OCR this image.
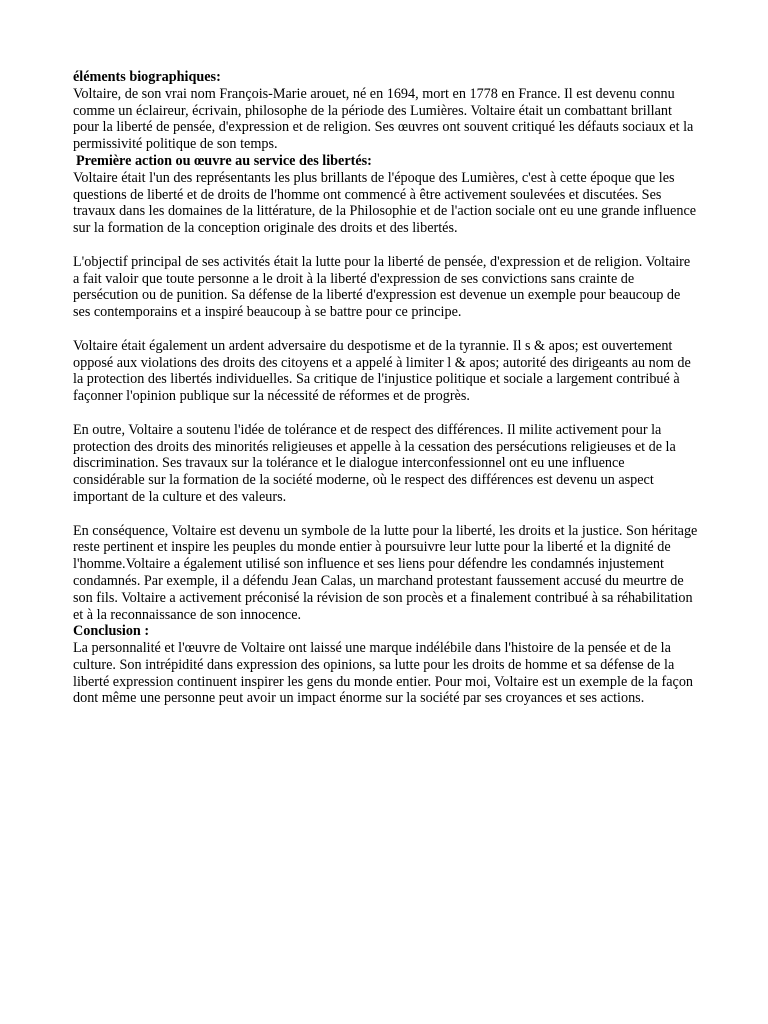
éléments biographiques:

Voltaire, de son vrai nom François-Marie arouet, né en 1694, mort en 1778 en France. Il est devenu connu comme un éclaireur, écrivain, philosophe de la période des Lumières. Voltaire était un combattant brillant pour la liberté de pensée, d'expression et de religion. Ses œuvres ont souvent critiqué les défauts sociaux et la permissivité politique de son temps.

Première action ou œuvre au service des libertés:

Voltaire était l'un des représentants les plus brillants de l'époque des Lumières, c'est à cette époque que les questions de liberté et de droits de l'homme ont commencé à être activement soulevées et discutées. Ses travaux dans les domaines de la littérature, de la Philosophie et de l'action sociale ont eu une grande influence sur la formation de la conception originale des droits et des libertés.

L'objectif principal de ses activités était la lutte pour la liberté de pensée, d'expression et de religion. Voltaire a fait valoir que toute personne a le droit à la liberté d'expression de ses convictions sans crainte de persécution ou de punition. Sa défense de la liberté d'expression est devenue un exemple pour beaucoup de ses contemporains et a inspiré beaucoup à se battre pour ce principe.

Voltaire était également un ardent adversaire du despotisme et de la tyrannie. Il s & apos; est ouvertement opposé aux violations des droits des citoyens et a appelé à limiter l & apos; autorité des dirigeants au nom de la protection des libertés individuelles. Sa critique de l'injustice politique et sociale a largement contribué à façonner l'opinion publique sur la nécessité de réformes et de progrès.

En outre, Voltaire a soutenu l'idée de tolérance et de respect des différences. Il milite activement pour la protection des droits des minorités religieuses et appelle à la cessation des persécutions religieuses et de la discrimination. Ses travaux sur la tolérance et le dialogue interconfessionnel ont eu une influence considérable sur la formation de la société moderne, où le respect des différences est devenu un aspect important de la culture et des valeurs.

En conséquence, Voltaire est devenu un symbole de la lutte pour la liberté, les droits et la justice. Son héritage reste pertinent et inspire les peuples du monde entier à poursuivre leur lutte pour la liberté et la dignité de l'homme.Voltaire a également utilisé son influence et ses liens pour défendre les condamnés injustement condamnés. Par exemple, il a défendu Jean Calas, un marchand protestant faussement accusé du meurtre de son fils. Voltaire a activement préconisé la révision de son procès et a finalement contribué à sa réhabilitation et à la reconnaissance de son innocence.

Conclusion :

La personnalité et l'œuvre de Voltaire ont laissé une marque indélébile dans l'histoire de la pensée et de la culture. Son intrépidité dans expression des opinions, sa lutte pour les droits de homme et sa défense de la liberté expression continuent inspirer les gens du monde entier. Pour moi, Voltaire est un exemple de la façon dont même une personne peut avoir un impact énorme sur la société par ses croyances et ses actions.
